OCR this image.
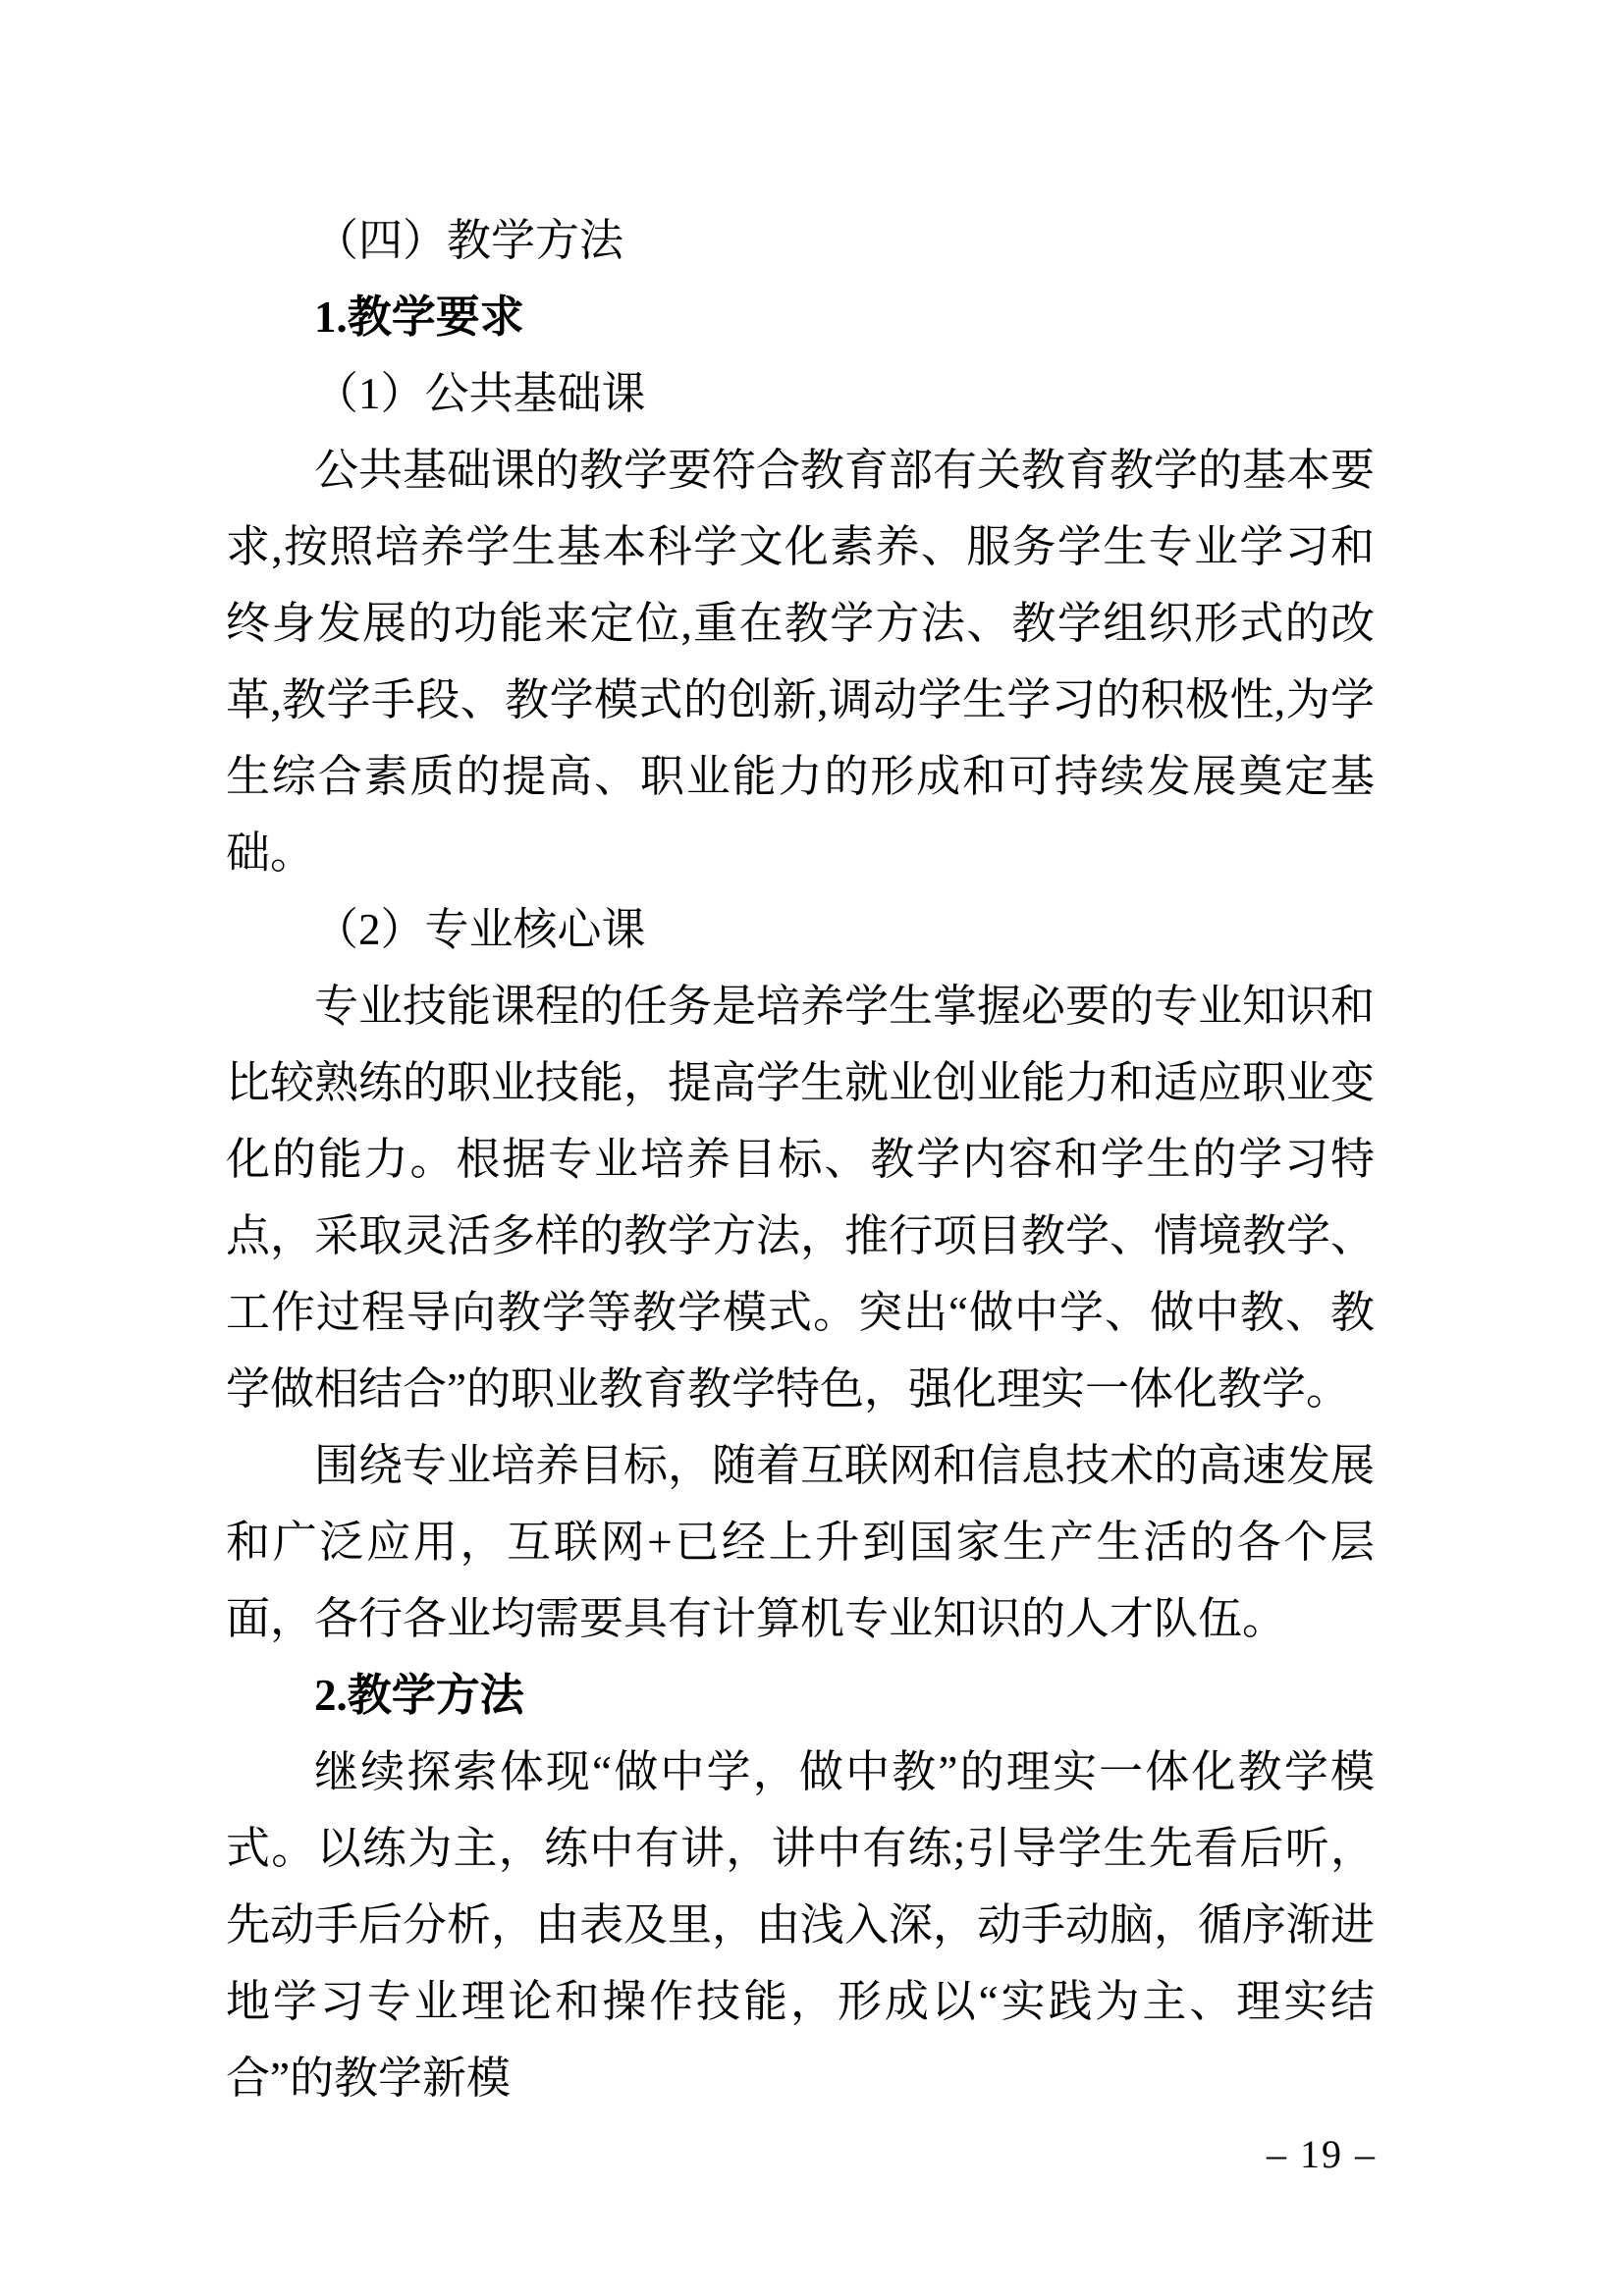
（四）教学方法

1.教学要求

（1）公共基础课

公共基础课的教学要符合教育部有关教育教学的基本要求,按照培养学生基本科学文化素养、服务学生专业学习和终身发展的功能来定位,重在教学方法、教学组织形式的改革,教学手段、教学模式的创新,调动学生学习的积极性,为学生综合素质的提高、职业能力的形成和可持续发展奠定基础。

（2）专业核心课

专业技能课程的任务是培养学生掌握必要的专业知识和比较熟练的职业技能，提高学生就业创业能力和适应职业变化的能力。根据专业培养目标、教学内容和学生的学习特点，采取灵活多样的教学方法，推行项目教学、情境教学、工作过程导向教学等教学模式。突出“做中学、做中教、教学做相结合”的职业教育教学特色，强化理实一体化教学。

围绕专业培养目标，随着互联网和信息技术的高速发展和广泛应用，互联网+已经上升到国家生产生活的各个层面，各行各业均需要具有计算机专业知识的人才队伍。

2.教学方法

继续探索体现“做中学，做中教”的理实一体化教学模式。以练为主，练中有讲，讲中有练;引导学生先看后听，先动手后分析，由表及里，由浅入深，动手动脑，循序渐进地学习专业理论和操作技能，形成以“实践为主、理实结合”的教学新模

– 19 –
